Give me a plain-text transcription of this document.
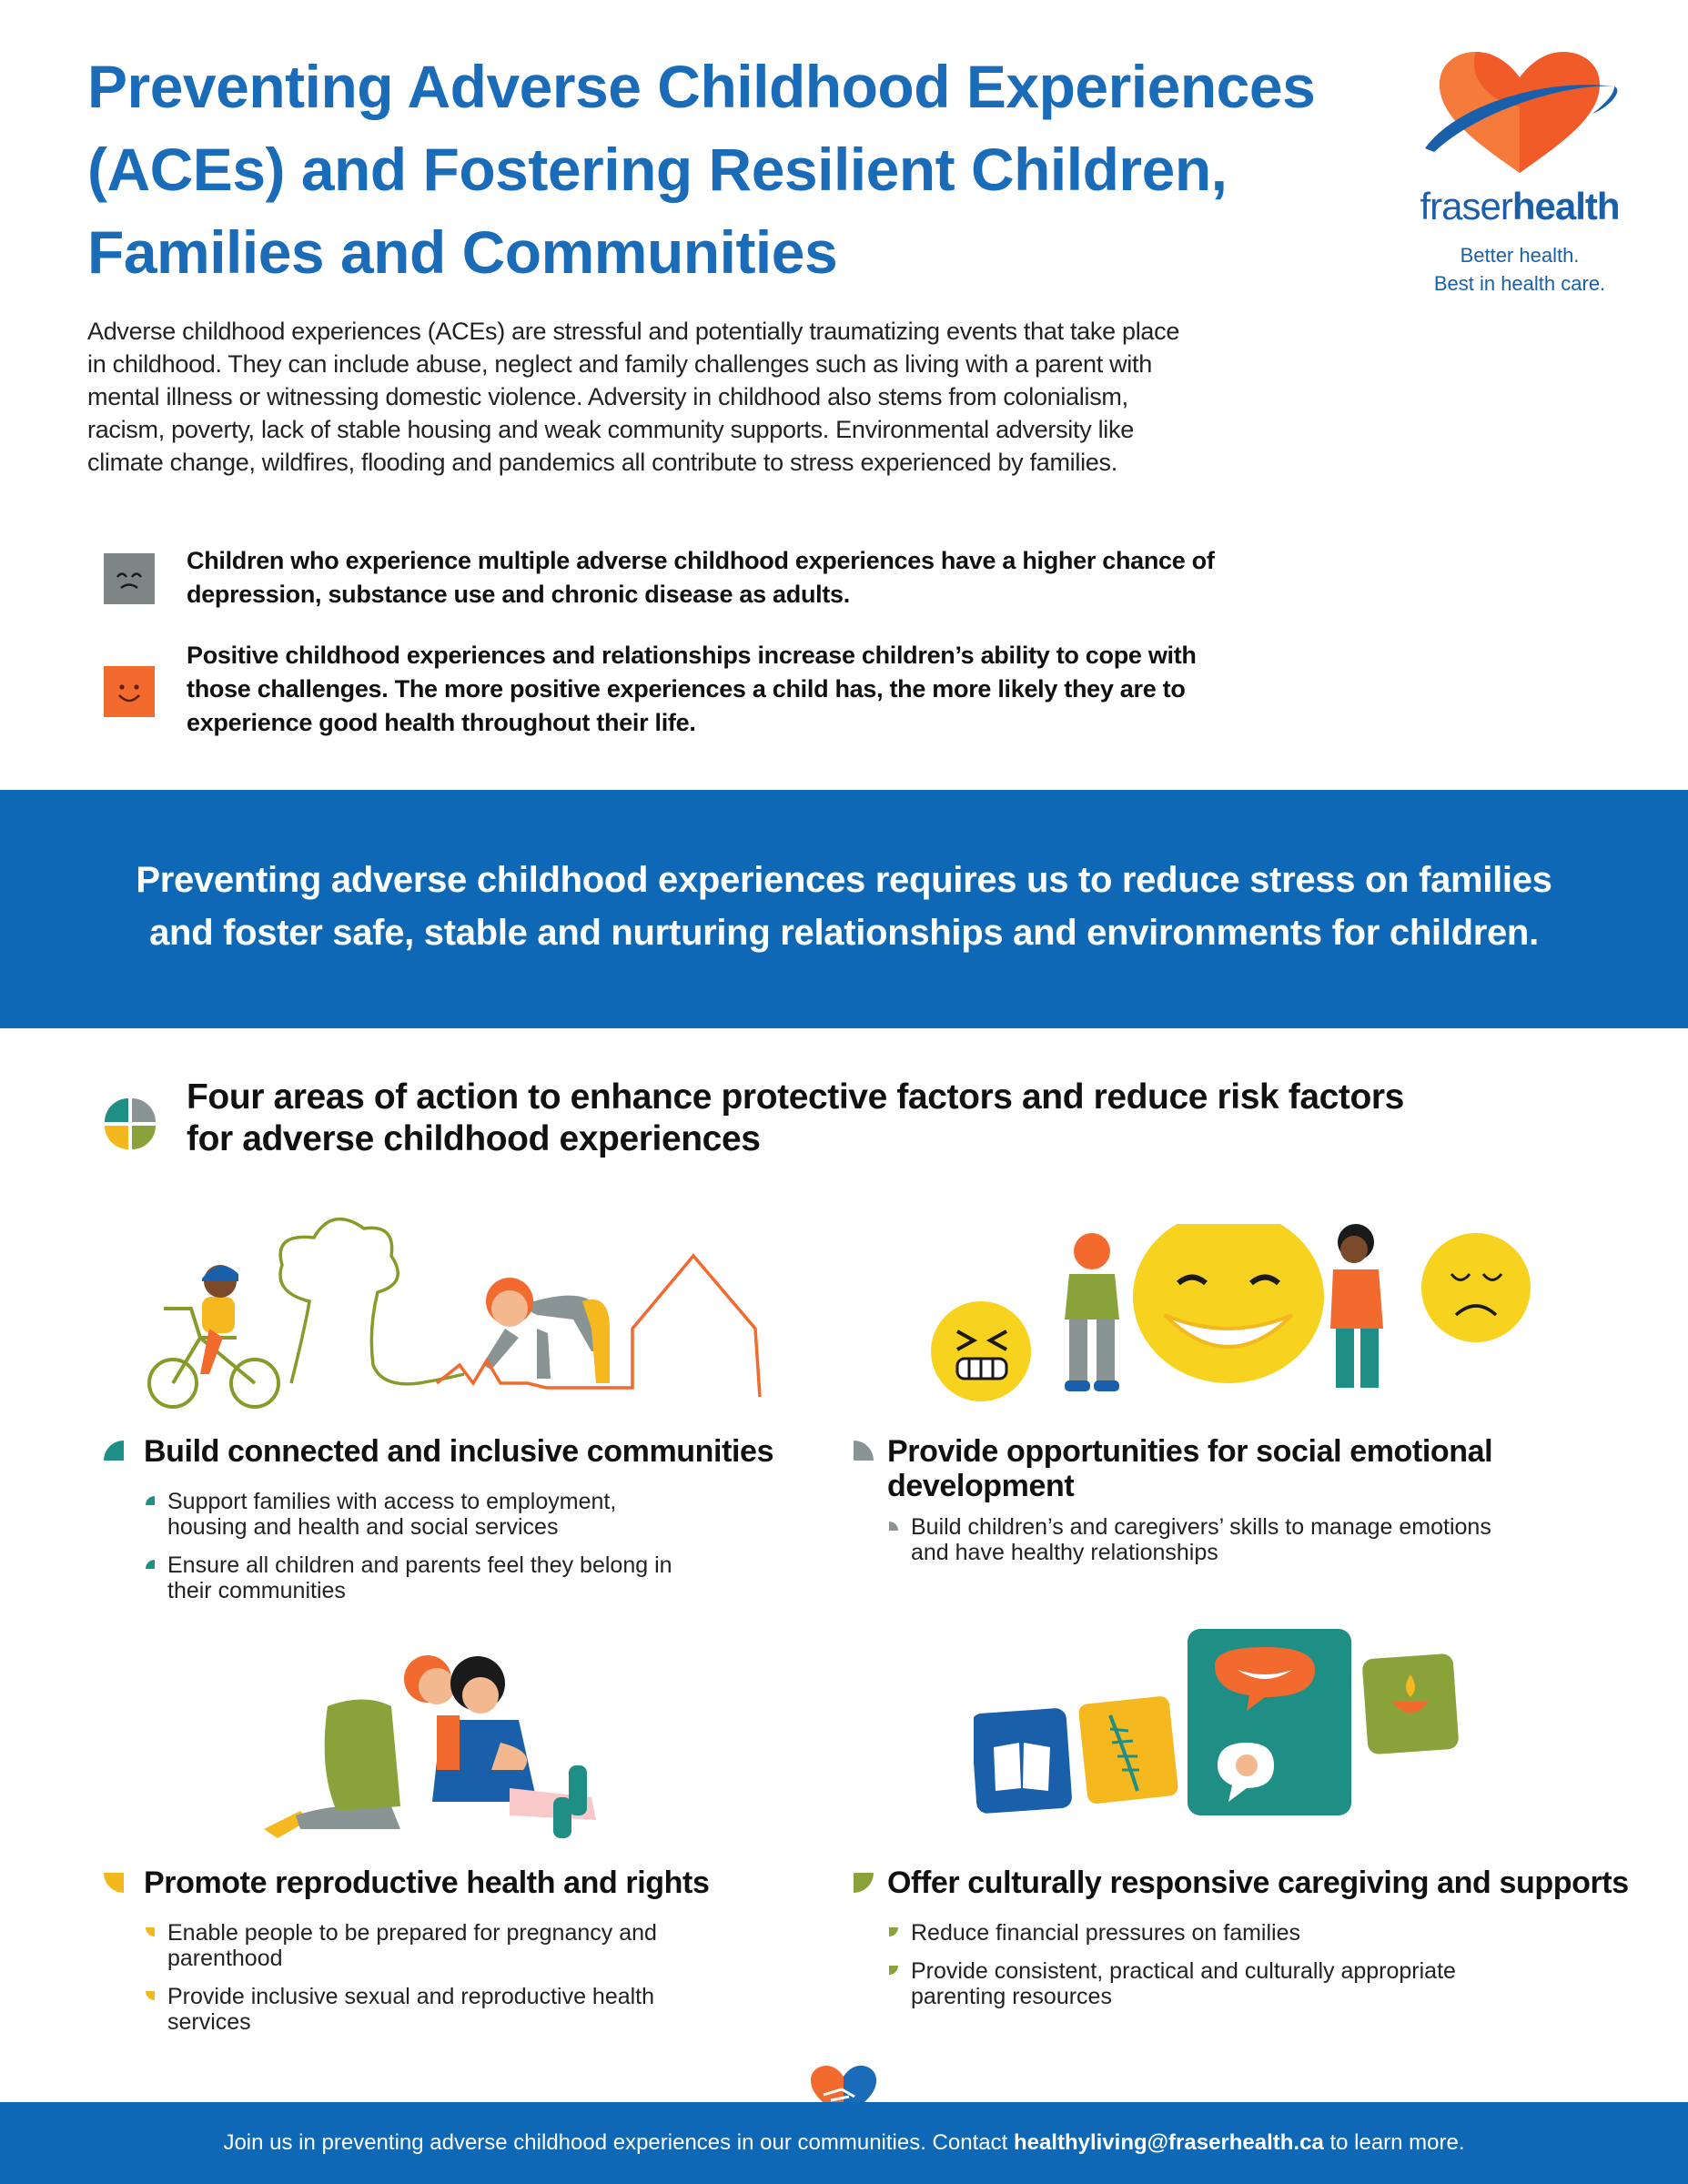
Preventing Adverse Childhood Experiences
(ACEs) and Fostering Resilient Children,
Families and Communities
fraserhealth
Better health.
Best in health care.
Adverse childhood experiences (ACEs) are stressful and potentially traumatizing events that take place in childhood. They can include abuse, neglect and family challenges such as living with a parent with mental illness or witnessing domestic violence. Adversity in childhood also stems from colonialism, racism, poverty, lack of stable housing and weak community supports. Environmental adversity like climate change, wildfires, flooding and pandemics all contribute to stress experienced by families.
Children who experience multiple adverse childhood experiences have a higher chance of depression, substance use and chronic disease as adults.
Positive childhood experiences and relationships increase children’s ability to cope with those challenges. The more positive experiences a child has, the more likely they are to experience good health throughout their life.
Preventing adverse childhood experiences requires us to reduce stress on families
and foster safe, stable and nurturing relationships and environments for children.
Four areas of action to enhance protective factors and reduce risk factors
for adverse childhood experiences
Build connected and inclusive communities
Support families with access to employment, housing and health and social services
Ensure all children and parents feel they belong in their communities
Provide opportunities for social emotional development
Build children’s and caregivers’ skills to manage emotions and have healthy relationships
Promote reproductive health and rights
Enable people to be prepared for pregnancy and parenthood
Provide inclusive sexual and reproductive health services
Offer culturally responsive caregiving and supports
Reduce financial pressures on families
Provide consistent, practical and culturally appropriate parenting resources
Join us in preventing adverse childhood experiences in our communities. Contact healthyliving@fraserhealth.ca to learn more.
